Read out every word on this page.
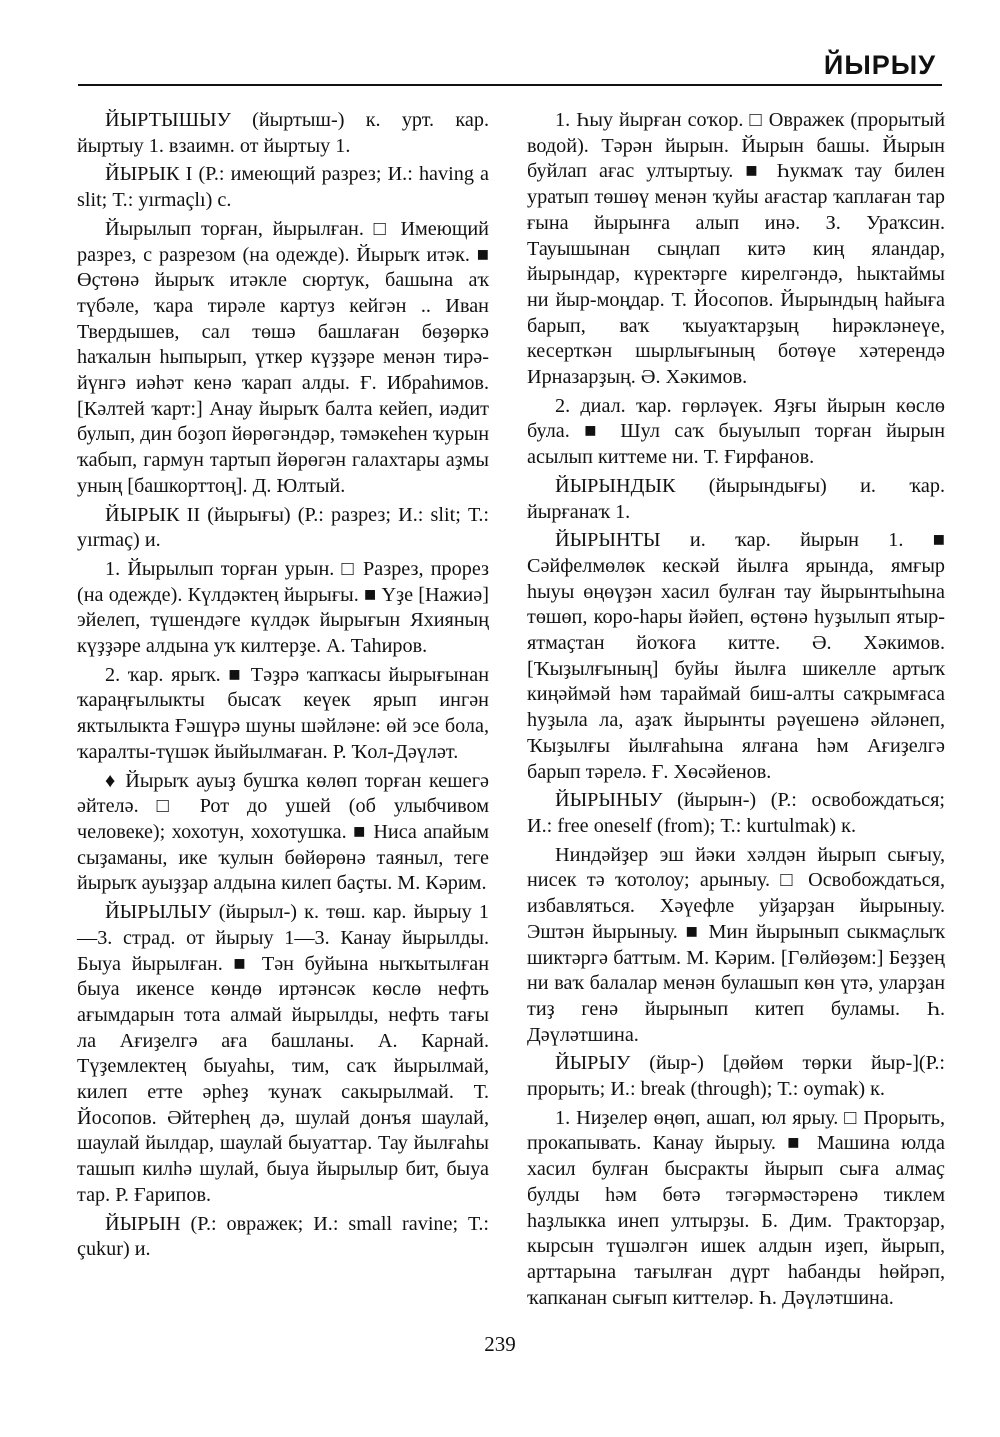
ЙЫРЫУ

ЙЫРТЫШЫУ (йыртыш-) к. урт. кар. йыртыу 1. взаимн. от йыртыу 1.

ЙЫРЫК I (Р.: имеющий разрез; И.: having a slit; Т.: yırmaçlı) с.

Йырылып торған, йырылған. □ Имеющий разрез, с разрезом (на одежде). Йырыҡ итәк. ■ Өҫтөнә йырыҡ итәкле сюртук, башына аҡ түбәле, ҡара тирәле картуз кейгән .. Иван Твердышев, сал төшә башлаған бөҙөркә һаҡалын һыпырып, үткер күҙҙәре менән тирә-йүнгә иәһәт кенә ҡарап алды. Ғ. Ибраһимов. [Кәлтей ҡарт:] Анау йырыҡ балта кейеп, иәдит булып, дин боҙоп йөрөгәндәр, тәмәкеһен ҡурын ҡабып, гармун тартып йөрөгән галахтары аҙмы уның [башкорттоң]. Д. Юлтый.

ЙЫРЫК II (йырығы) (Р.: разрез; И.: slit; Т.: yırmaç) и.

1. Йырылып торған урын. □ Разрез, прорез (на одежде). Күлдәктең йырығы. ■ Үҙе [Нажиә] эйелеп, түшендәге күлдәк йырығын Яхияның күҙҙәре алдына уҡ килтерҙе. А. Таһиров.

2. ҡар. ярыҡ. ■ Тәҙрә ҡапҡасы йырығынан ҡараңғылыкты бысаҡ кеүек ярып ингән яктылыкта Ғәшүрә шуны шәйләне: өй эсе бола, ҡаралты-түшәк йыйылмаған. Р. Ҡол-Дәүләт.

♦ Йырыҡ ауыҙ бушҡа көлөп торған кешегә әйтелә. □ Рот до ушей (об улыбчивом человеке); хохотун, хохотушка. ■ Ниса апайым сыҙаманы, ике ҡулын бөйөрөнә таяныл, теге йырыҡ ауыҙҙар алдына килеп баҫты. М. Кәрим.

ЙЫРЫЛЫУ (йырыл-) к. төш. кар. йырыу 1—3. страд. от йырыу 1—3. Канау йырылды. Быуа йырылған. ■ Тән буйына ныҡытылған быуа икенсе көндө иртәнсәк көслө нефть ағымдарын тота алмай йырылды, нефть тағы ла Ағиҙелгә аға башланы. А. Карнай. Түҙемлектең быуаһы, тим, саҡ йырылмай, килеп етте әрһеҙ ҡунаҡ сакырылмай. Т. Йосопов. Әйтерһең дә, шулай донъя шаулай, шаулай йылдар, шаулай быуаттар. Тау йылғаһы ташып килһә шулай, быуа йырылыр бит, быуа тар. Р. Ғарипов.

ЙЫРЫН (Р.: овражек; И.: small ravine; Т.: çukur) и.

1. Һыу йырған соҡор. □ Овражек (прорытый водой). Тәрән йырын. Йырын башы. Йырын буйлап ағас ултыртыу. ■ Һукмаҡ тау билен уратып төшөү менән ҡуйы ағастар ҡаплаған тар ғына йырынға алып инә. З. Ураҡсин. Тауышынан сыңлап китә киң яландар, йырындар, күректәрге кирелгәндә, һыктаймы ни йыр-моңдар. Т. Йосопов. Йырындың һайыға барып, ваҡ ҡыуаҡтарҙың һирәкләнеүе, кесерткән шырлығының ботөүе хәтерендә Ирназарҙың. Ә. Хәкимов.

2. диал. ҡар. гөрләүек. Яҙғы йырын көслө була. ■ Шул саҡ быуылып торған йырын асылып киттеме ни. Т. Ғирфанов.

ЙЫРЫНДЫК (йырындығы) и. ҡар. йырғанаҡ 1.

ЙЫРЫНТЫ и. ҡар. йырын 1. ■ Сәйфелмөлөк кескәй йылға ярында, ямғыр һыуы өңөүҙән хасил булған тау йырынтыһына төшөп, коро-һары йәйеп, өҫтөнә һуҙылып ятыр-ятмаҫтан йоҡоға китте. Ә. Хәкимов. [Ҡыҙылғының] буйы йылға шикелле артыҡ киңәймәй һәм тараймай биш-алты саҡрымғаса һуҙыла ла, аҙаҡ йырынты рәүешенә әйләнеп, Ҡыҙылғы йылғаһына ялғана һәм Ағиҙелгә барып тәрелә. Ғ. Хөсәйенов.

ЙЫРЫНЫУ (йырын-) (Р.: освобождаться; И.: free oneself (from); Т.: kurtulmak) к.

Ниндәйҙер эш йәки хәлдән йырып сығыу, нисек тә ҡотолоу; арыныу. □ Освобождаться, избавляться. Хәүефле уйҙарҙан йырыныу. Эштән йырыныу. ■ Мин йырынып сыкмаҫлыҡ шиктәргә баттым. М. Кәрим. [Гөлйөҙөм:] Беҙҙең ни ваҡ балалар менән булашып көн үтә, уларҙан тиҙ генә йырынып китеп буламы. Һ. Дәүләтшина.

ЙЫРЫУ (йыр-) [дөйөм төрки йыр-](Р.: прорыть; И.: break (through); Т.: oymak) к.

1. Ниҙелер өңөп, ашап, юл ярыу. □ Прорыть, прокапывать. Канау йырыу. ■ Машина юлда хасил булған бысракты йырып сыға алмаҫ булды һәм бөтә тәгәрмәстәренә тиклем һаҙлыкка инеп ултырҙы. Б. Дим. Тракторҙар, кырсын түшәлгән ишек алдын иҙеп, йырып, арттарына тағылған дүрт һабанды һөйрәп, ҡапканан сығып киттеләр. Һ. Дәүләтшина.

239
